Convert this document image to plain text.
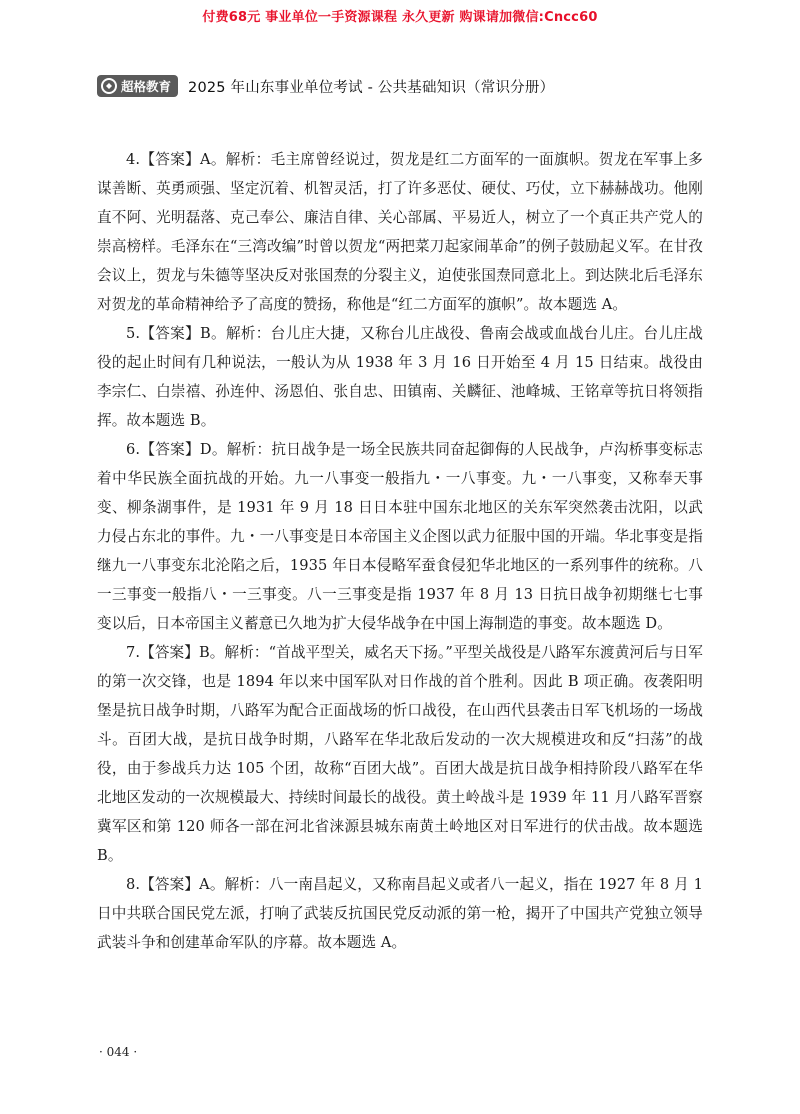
付费68元 事业单位一手资源课程 永久更新 购课请加微信:Cncc60
超格教育 2025 年山东事业单位考试 - 公共基础知识（常识分册）

4.【答案】A。解析：毛主席曾经说过，贺龙是红二方面军的一面旗帜。贺龙在军事上多谋善断、英勇顽强、坚定沉着、机智灵活，打了许多恶仗、硬仗、巧仗，立下赫赫战功。他刚直不阿、光明磊落、克己奉公、廉洁自律、关心部属、平易近人，树立了一个真正共产党人的崇高榜样。毛泽东在“三湾改编”时曾以贺龙“两把菜刀起家闹革命”的例子鼓励起义军。在甘孜会议上，贺龙与朱德等坚决反对张国焘的分裂主义，迫使张国焘同意北上。到达陕北后毛泽东对贺龙的革命精神给予了高度的赞扬，称他是“红二方面军的旗帜”。故本题选 A。

5.【答案】B。解析：台儿庄大捷，又称台儿庄战役、鲁南会战或血战台儿庄。台儿庄战役的起止时间有几种说法，一般认为从 1938 年 3 月 16 日开始至 4 月 15 日结束。战役由李宗仁、白崇禧、孙连仲、汤恩伯、张自忠、田镇南、关麟征、池峰城、王铭章等抗日将领指挥。故本题选 B。

6.【答案】D。解析：抗日战争是一场全民族共同奋起御侮的人民战争，卢沟桥事变标志着中华民族全面抗战的开始。九一八事变一般指九・一八事变。九・一八事变，又称奉天事变、柳条湖事件，是 1931 年 9 月 18 日日本驻中国东北地区的关东军突然袭击沈阳，以武力侵占东北的事件。九・一八事变是日本帝国主义企图以武力征服中国的开端。华北事变是指继九一八事变东北沦陷之后，1935 年日本侵略军蚕食侵犯华北地区的一系列事件的统称。八一三事变一般指八・一三事变。八一三事变是指 1937 年 8 月 13 日抗日战争初期继七七事变以后，日本帝国主义蓄意已久地为扩大侵华战争在中国上海制造的事变。故本题选 D。

7.【答案】B。解析：“首战平型关，威名天下扬。”平型关战役是八路军东渡黄河后与日军的第一次交锋，也是 1894 年以来中国军队对日作战的首个胜利。因此 B 项正确。夜袭阳明堡是抗日战争时期，八路军为配合正面战场的忻口战役，在山西代县袭击日军飞机场的一场战斗。百团大战，是抗日战争时期，八路军在华北敌后发动的一次大规模进攻和反“扫荡”的战役，由于参战兵力达 105 个团，故称“百团大战”。百团大战是抗日战争相持阶段八路军在华北地区发动的一次规模最大、持续时间最长的战役。黄土岭战斗是 1939 年 11 月八路军晋察冀军区和第 120 师各一部在河北省涞源县城东南黄土岭地区对日军进行的伏击战。故本题选 B。

8.【答案】A。解析：八一南昌起义，又称南昌起义或者八一起义，指在 1927 年 8 月 1 日中共联合国民党左派，打响了武装反抗国民党反动派的第一枪，揭开了中国共产党独立领导武装斗争和创建革命军队的序幕。故本题选 A。

· 044 ·
